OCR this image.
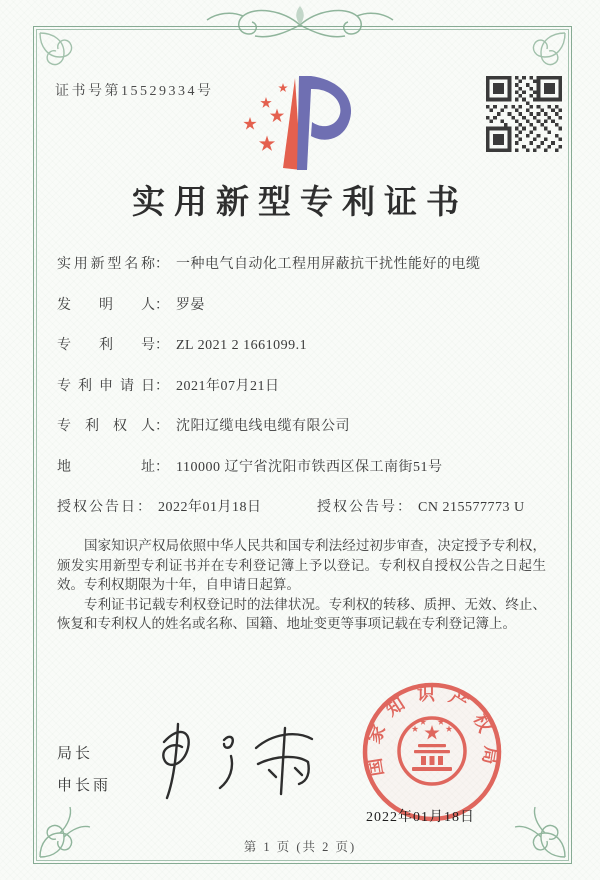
证书号第15529334号
实用新型专利证书
实用新型名称： 一种电气自动化工程用屏蔽抗干扰性能好的电缆
发明人： 罗晏
专利号： ZL 2021 2 1661099.1
专利申请日： 2021年07月21日
专利权人： 沈阳辽缆电线电缆有限公司
地址： 110000 辽宁省沈阳市铁西区保工南街51号
授权公告日： 2022年01月18日	授权公告号： CN 215577773 U

国家知识产权局依照中华人民共和国专利法经过初步审查，决定授予专利权，颁发实用新型专利证书并在专利登记簿上予以登记。专利权自授权公告之日起生效。专利权期限为十年，自申请日起算。

专利证书记载专利权登记时的法律状况。专利权的转移、质押、无效、终止、恢复和专利权人的姓名或名称、国籍、地址变更等事项记载在专利登记簿上。

局长
申长雨
国家知识产权局
2022年01月18日
第 1 页 (共 2 页)
